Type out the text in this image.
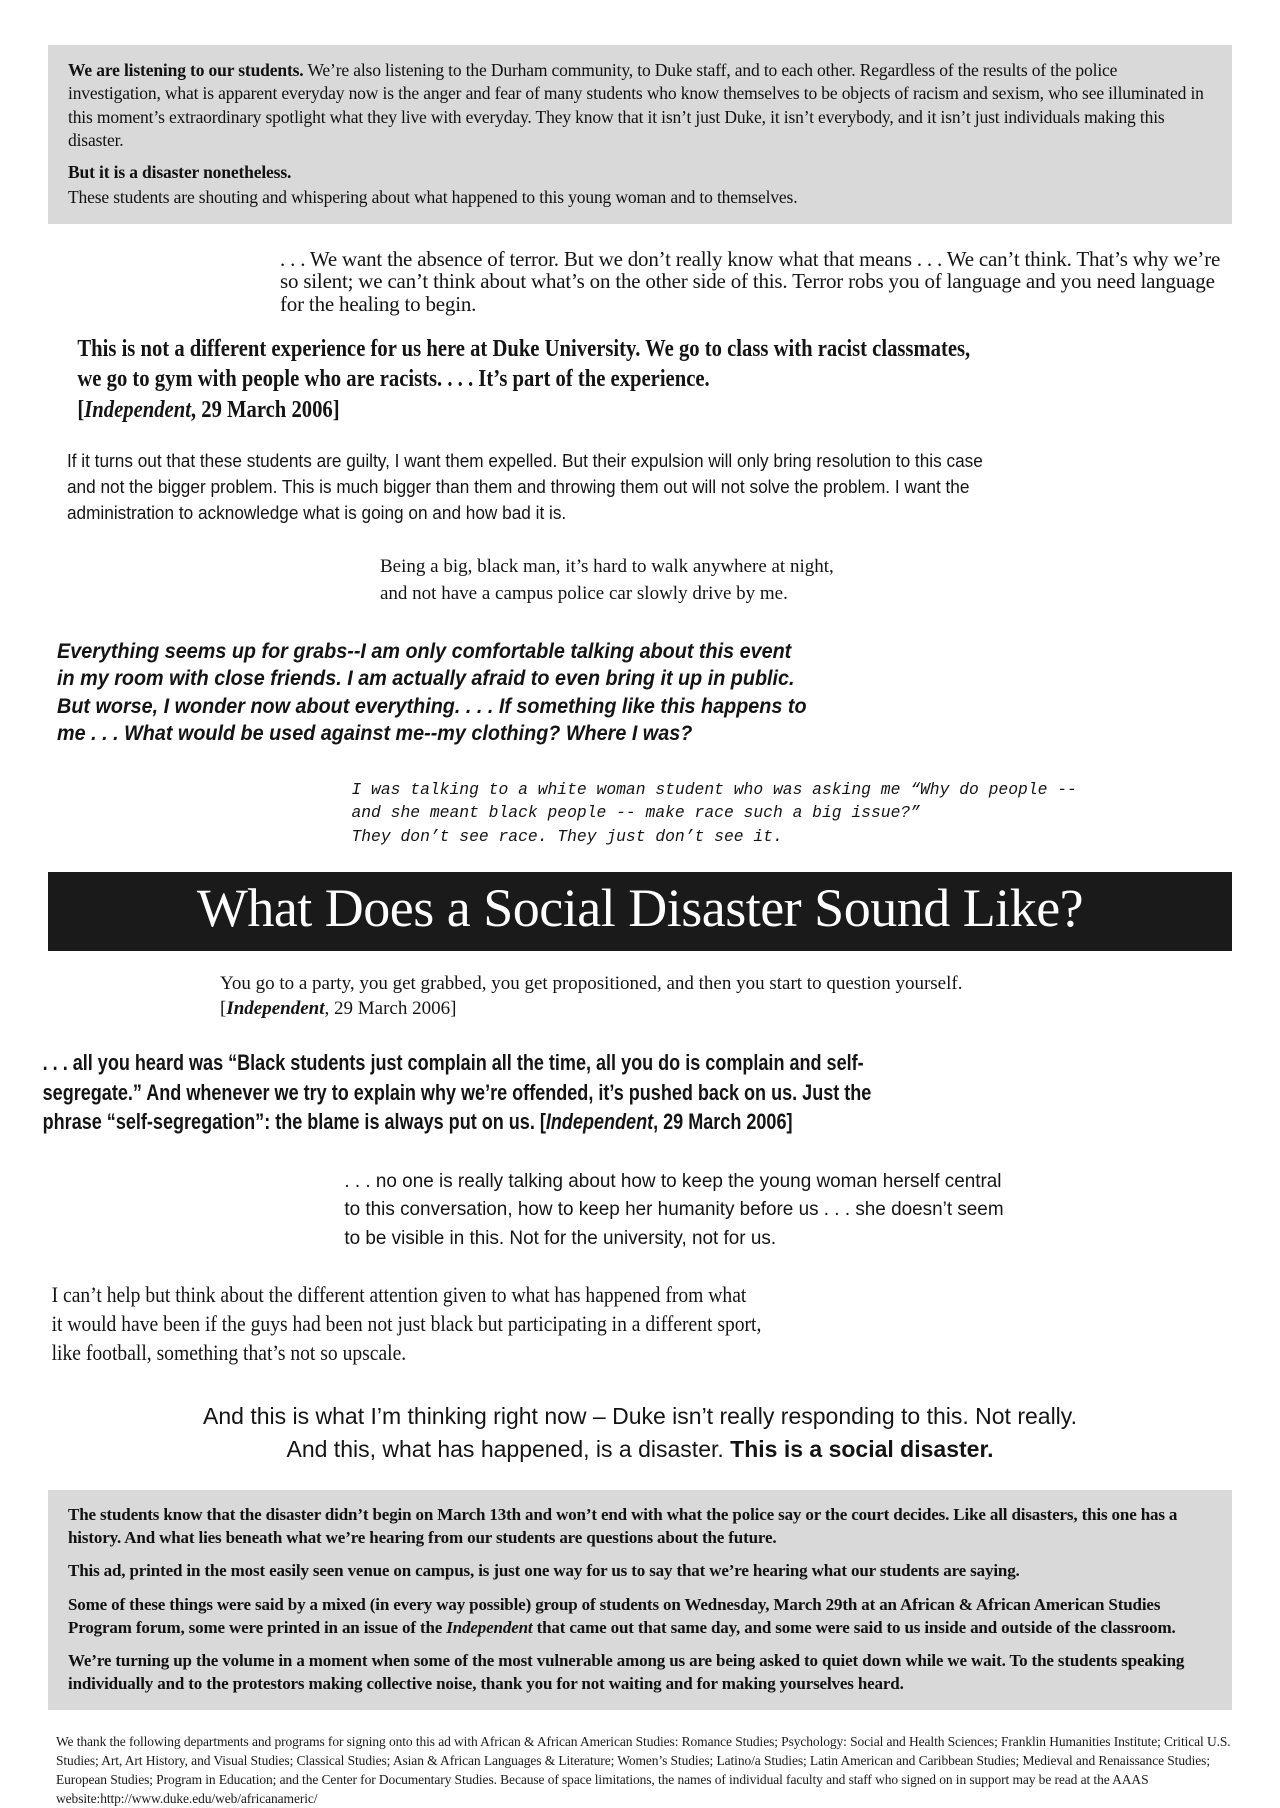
We are listening to our students. We’re also listening to the Durham community, to Duke staff, and to each other. Regardless of the results of the police investigation, what is apparent everyday now is the anger and fear of many students who know themselves to be objects of racism and sexism, who see illuminated in this moment’s extraordinary spotlight what they live with everyday. They know that it isn’t just Duke, it isn’t everybody, and it isn’t just individuals making this disaster.

But it is a disaster nonetheless.

These students are shouting and whispering about what happened to this young woman and to themselves.

. . . We want the absence of terror. But we don’t really know what that means . . . We can’t think. That’s why we’re so silent; we can’t think about what’s on the other side of this. Terror robs you of language and you need language for the healing to begin.
This is not a different experience for us here at Duke University. We go to class with racist classmates,
we go to gym with people who are racists. . . . It’s part of the experience.
[Independent, 29 March 2006]
If it turns out that these students are guilty, I want them expelled. But their expulsion will only bring resolution to this case and not the bigger problem. This is much bigger than them and throwing them out will not solve the problem. I want the administration to acknowledge what is going on and how bad it is.
Being a big, black man, it’s hard to walk anywhere at night,
and not have a campus police car slowly drive by me.
Everything seems up for grabs--I am only comfortable talking about this event
in my room with close friends. I am actually afraid to even bring it up in public.
But worse, I wonder now about everything. . . . If something like this happens to
me . . . What would be used against me--my clothing? Where I was?
I was talking to a white woman student who was asking me “Why do people --
and she meant black people -- make race such a big issue?”
They don’t see race. They just don’t see it.
What Does a Social Disaster Sound Like?
You go to a party, you get grabbed, you get propositioned, and then you start to question yourself.
[Independent, 29 March 2006]
. . . all you heard was “Black students just complain all the time, all you do is complain and self-
segregate.” And whenever we try to explain why we’re offended, it’s pushed back on us. Just the
phrase “self-segregation”: the blame is always put on us. [Independent, 29 March 2006]
. . . no one is really talking about how to keep the young woman herself central
to this conversation, how to keep her humanity before us . . . she doesn’t seem
to be visible in this. Not for the university, not for us.
I can’t help but think about the different attention given to what has happened from what
it would have been if the guys had been not just black but participating in a different sport,
like football, something that’s not so upscale.
And this is what I’m thinking right now – Duke isn’t really responding to this. Not really.
And this, what has happened, is a disaster. This is a social disaster.

The students know that the disaster didn’t begin on March 13th and won’t end with what the police say or the court decides. Like all disasters, this one has a history. And what lies beneath what we’re hearing from our students are questions about the future.

This ad, printed in the most easily seen venue on campus, is just one way for us to say that we’re hearing what our students are saying.

Some of these things were said by a mixed (in every way possible) group of students on Wednesday, March 29th at an African & African American Studies Program forum, some were printed in an issue of the Independent that came out that same day, and some were said to us inside and outside of the classroom.

We’re turning up the volume in a moment when some of the most vulnerable among us are being asked to quiet down while we wait. To the students speaking individually and to the protestors making collective noise, thank you for not waiting and for making yourselves heard.

We thank the following departments and programs for signing onto this ad with African & African American Studies: Romance Studies; Psychology: Social and Health Sciences; Franklin Humanities Institute; Critical U.S. Studies; Art, Art History, and Visual Studies; Classical Studies; Asian & African Languages & Literature; Women’s Studies; Latino/a Studies; Latin American and Caribbean Studies; Medieval and Renaissance Studies; European Studies; Program in Education; and the Center for Documentary Studies. Because of space limitations, the names of individual faculty and staff who signed on in support may be read at the AAAS website:http://www.duke.edu/web/africanameric/
